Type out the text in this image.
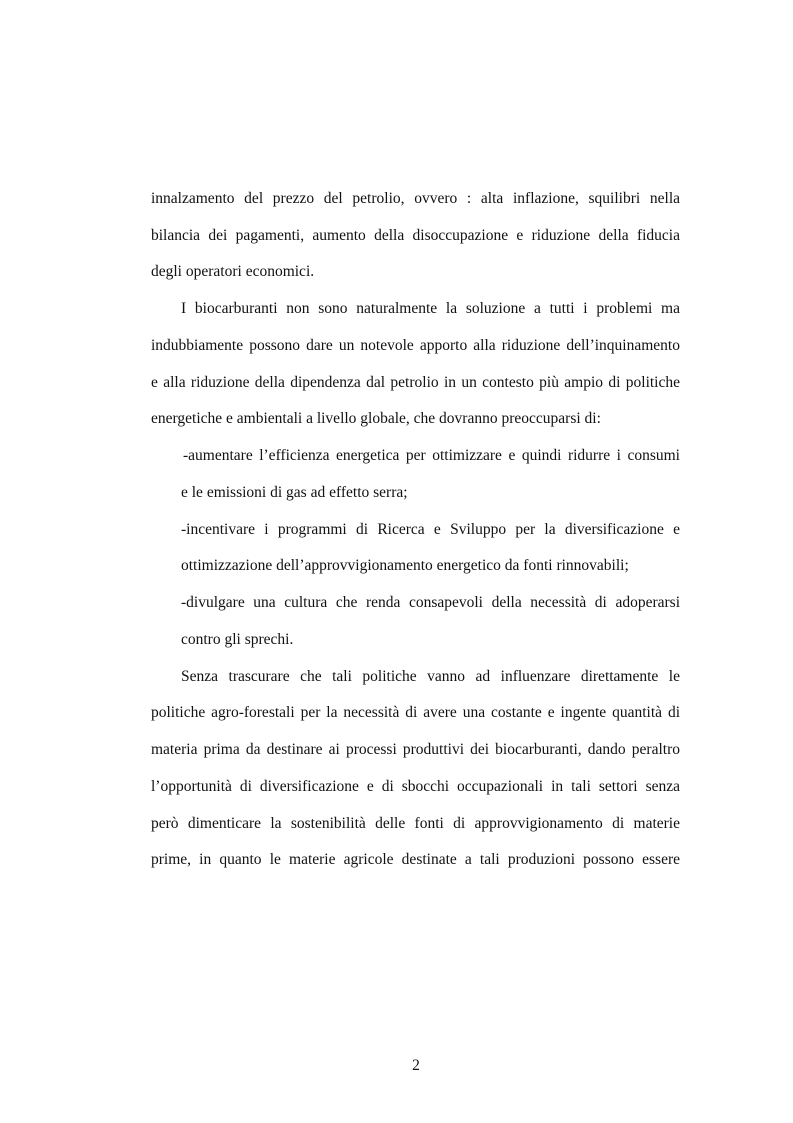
innalzamento del prezzo del petrolio, ovvero : alta inflazione, squilibri nella
bilancia dei pagamenti, aumento della disoccupazione e riduzione della fiducia
degli operatori economici.
I biocarburanti non sono naturalmente la soluzione a tutti i problemi ma
indubbiamente possono dare un notevole apporto alla riduzione dell’inquinamento
e alla riduzione della dipendenza dal petrolio in un contesto più ampio di politiche
energetiche e ambientali a livello globale, che dovranno preoccuparsi di:
-aumentare l’efficienza energetica per ottimizzare e quindi ridurre i consumi
e le emissioni di gas ad effetto serra;
-incentivare i programmi di Ricerca e Sviluppo per la diversificazione e
ottimizzazione dell’approvvigionamento energetico da fonti rinnovabili;
-divulgare una cultura che renda consapevoli della necessità di adoperarsi
contro gli sprechi.
Senza trascurare che tali politiche vanno ad influenzare direttamente le
politiche agro-forestali per la necessità di avere una costante e ingente quantità di
materia prima da destinare ai processi produttivi dei biocarburanti, dando peraltro
l’opportunità di diversificazione e di sbocchi occupazionali in tali settori senza
però dimenticare la sostenibilità delle fonti di approvvigionamento di materie
prime, in quanto le materie agricole destinate a tali produzioni possono essere
2
